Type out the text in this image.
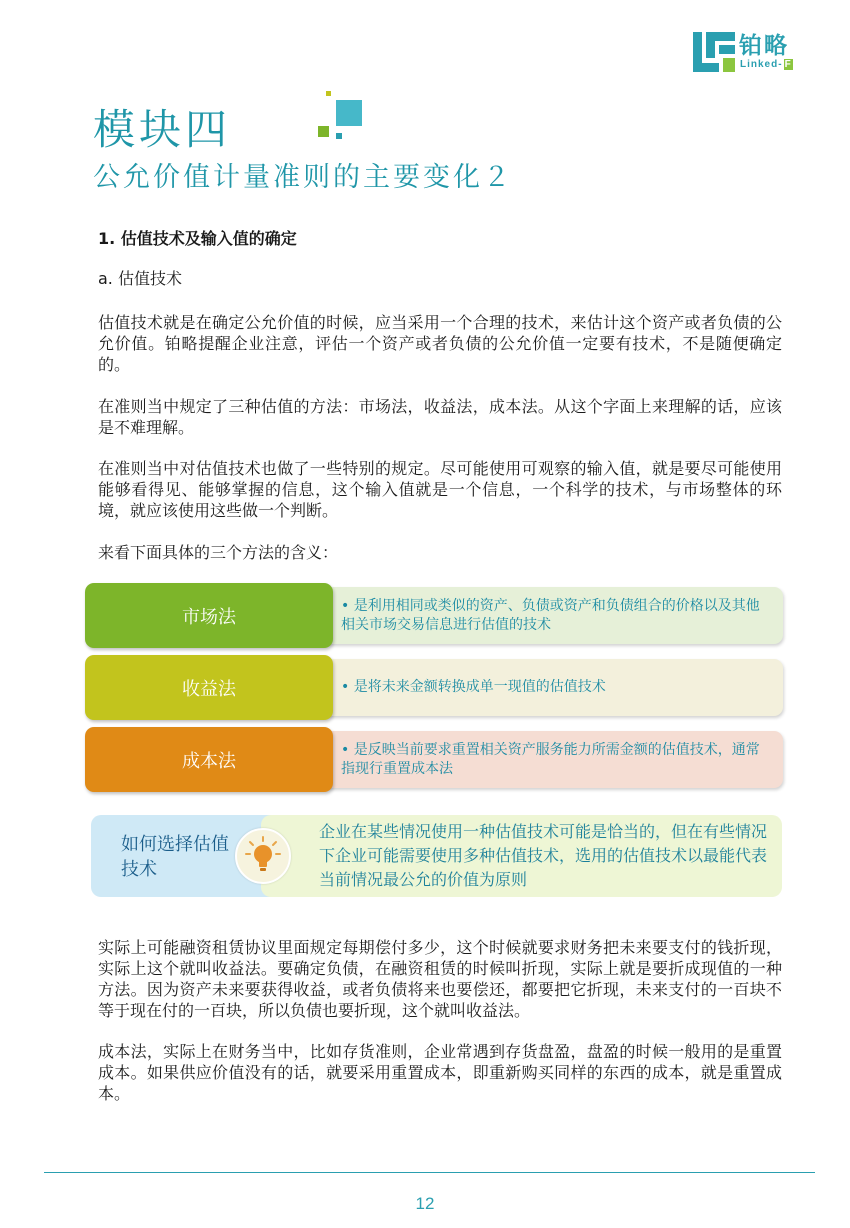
铂略
Linked- F
模块四
公允价值计量准则的主要变化２
1. 估值技术及输入值的确定
a. 估值技术
估值技术就是在确定公允价值的时候，应当采用一个合理的技术，来估计这个资产或者负债的公允价值。铂略提醒企业注意，评估一个资产或者负债的公允价值一定要有技术，不是随便确定的。
在准则当中规定了三种估值的方法：市场法，收益法，成本法。从这个字面上来理解的话，应该是不难理解。
在准则当中对估值技术也做了一些特别的规定。尽可能使用可观察的输入值，就是要尽可能使用能够看得见、能够掌握的信息，这个输入值就是一个信息，一个科学的技术，与市场整体的环境，就应该使用这些做一个判断。
来看下面具体的三个方法的含义：
市场法
• 是利用相同或类似的资产、负债或资产和负债组合的价格以及其他相关市场交易信息进行估值的技术
收益法	• 是将未来金额转换成单一现值的估值技术
成本法
• 是反映当前要求重置相关资产服务能力所需金额的估值技术，通常指现行重置成本法
如何选择估值技术
企业在某些情况使用一种估值技术可能是恰当的，但在有些情况下企业可能需要使用多种估值技术，选用的估值技术以最能代表当前情况最公允的价值为原则
实际上可能融资租赁协议里面规定每期偿付多少，这个时候就要求财务把未来要支付的钱折现，实际上这个就叫收益法。要确定负债，在融资租赁的时候叫折现，实际上就是要折成现值的一种方法。因为资产未来要获得收益，或者负债将来也要偿还，都要把它折现，未来支付的一百块不等于现在付的一百块，所以负债也要折现，这个就叫收益法。
成本法，实际上在财务当中，比如存货准则，企业常遇到存货盘盈，盘盈的时候一般用的是重置成本。如果供应价值没有的话，就要采用重置成本，即重新购买同样的东西的成本，就是重置成本。
12
